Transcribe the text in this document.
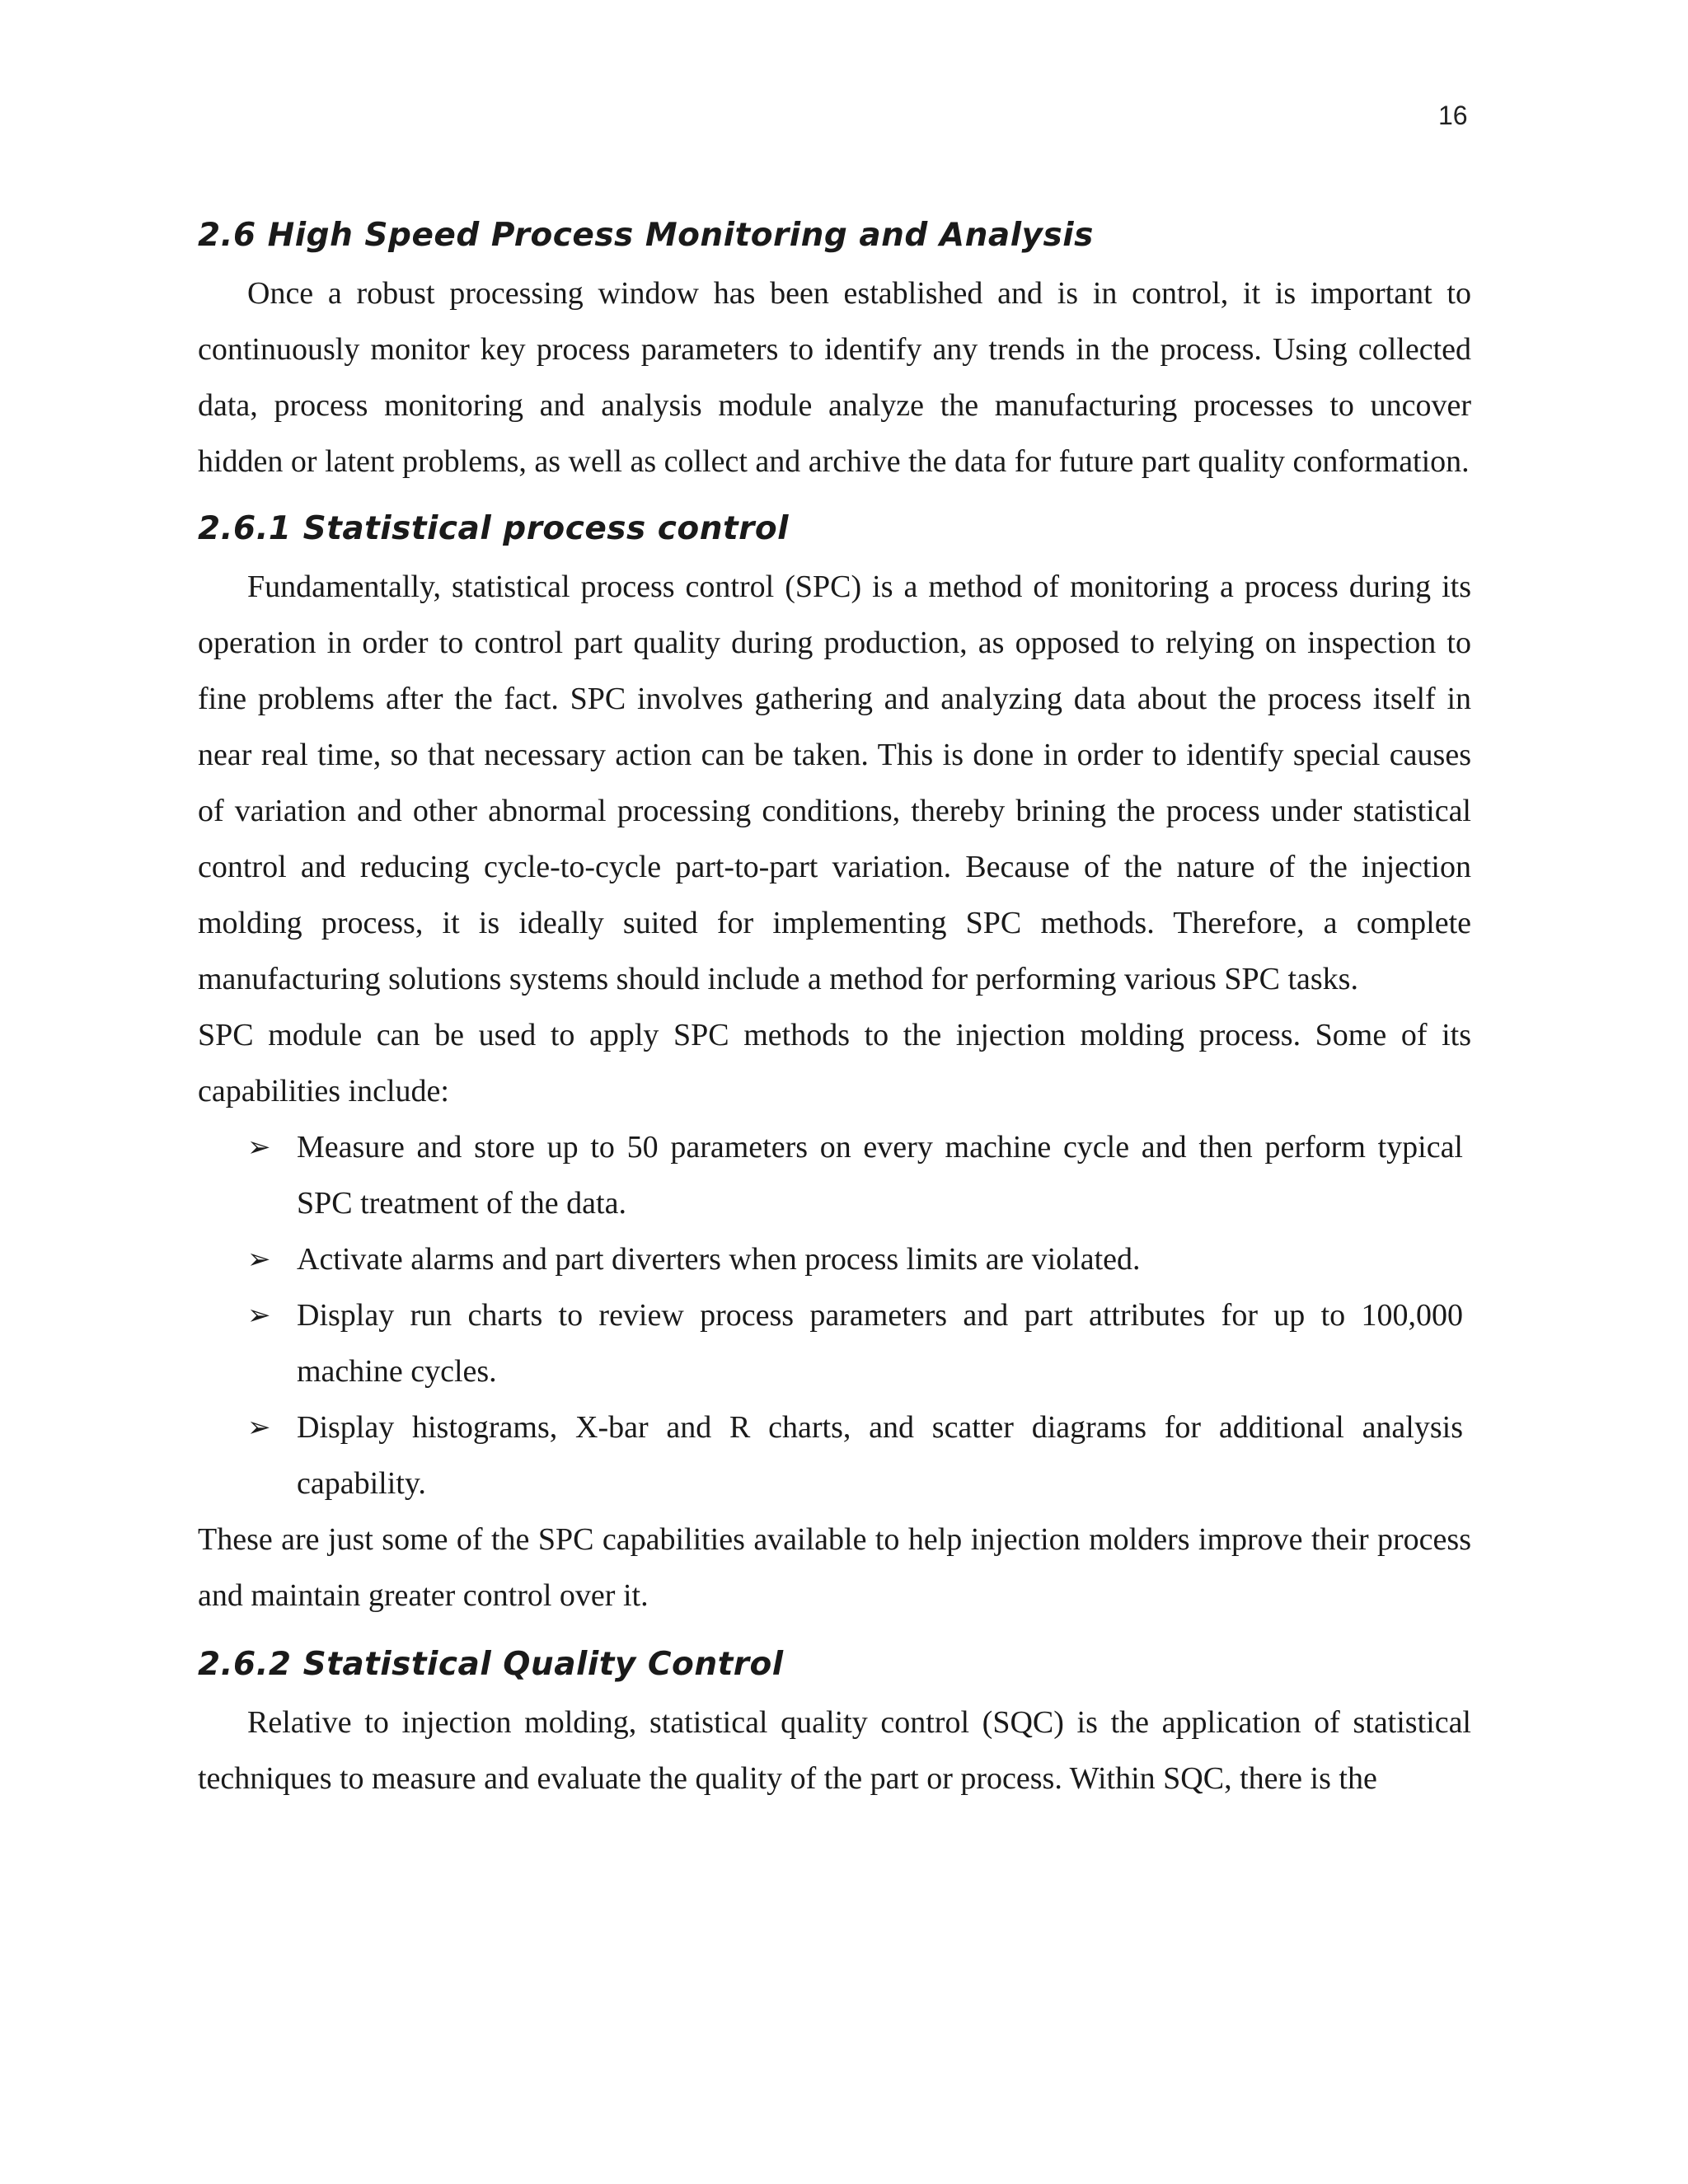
16
2.6 High Speed Process Monitoring and Analysis

Once a robust processing window has been established and is in control, it is important to continuously monitor key process parameters to identify any trends in the process. Using collected data, process monitoring and analysis module analyze the manufacturing processes to uncover hidden or latent problems, as well as collect and archive the data for future part quality conformation.

2.6.1 Statistical process control

Fundamentally, statistical process control (SPC) is a method of monitoring a process during its operation in order to control part quality during production, as opposed to relying on inspection to fine problems after the fact. SPC involves gathering and analyzing data about the process itself in near real time, so that necessary action can be taken. This is done in order to identify special causes of variation and other abnormal processing conditions, thereby brining the process under statistical control and reducing cycle-to-cycle part-to-part variation. Because of the nature of the injection molding process, it is ideally suited for implementing SPC methods. Therefore, a complete manufacturing solutions systems should include a method for performing various SPC tasks.

SPC module can be used to apply SPC methods to the injection molding process. Some of its capabilities include:

➢ Measure and store up to 50 parameters on every machine cycle and then perform typical SPC treatment of the data.
➢ Activate alarms and part diverters when process limits are violated.
➢ Display run charts to review process parameters and part attributes for up to 100,000 machine cycles.
➢ Display histograms, X-bar and R charts, and scatter diagrams for additional analysis capability.

These are just some of the SPC capabilities available to help injection molders improve their process and maintain greater control over it.

2.6.2 Statistical Quality Control

Relative to injection molding, statistical quality control (SQC) is the application of statistical techniques to measure and evaluate the quality of the part or process. Within SQC, there is the
